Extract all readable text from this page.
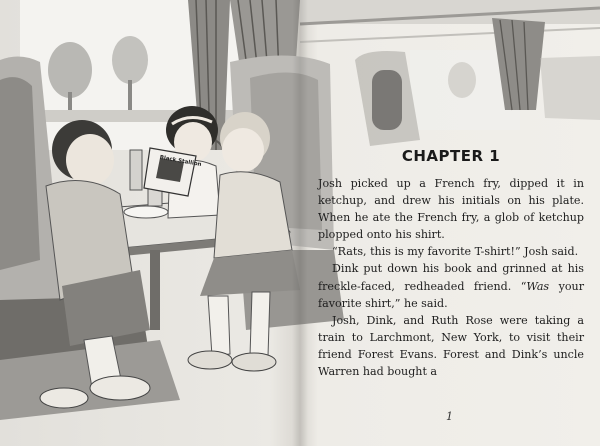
Black Stallion	CHAPTER 1

Josh picked up a French fry, dipped it in ketchup, and drew his initials on his plate. When he ate the French fry, a glob of ketchup plopped onto his shirt.

“Rats, this is my favorite T-shirt!” Josh said.

Dink put down his book and grinned at his freckle-faced, redheaded friend. “Was your favorite shirt,” he said.

Josh, Dink, and Ruth Rose were taking a train to Larchmont, New York, to visit their friend Forest Evans. Forest and Dink’s uncle Warren had bought a

1
